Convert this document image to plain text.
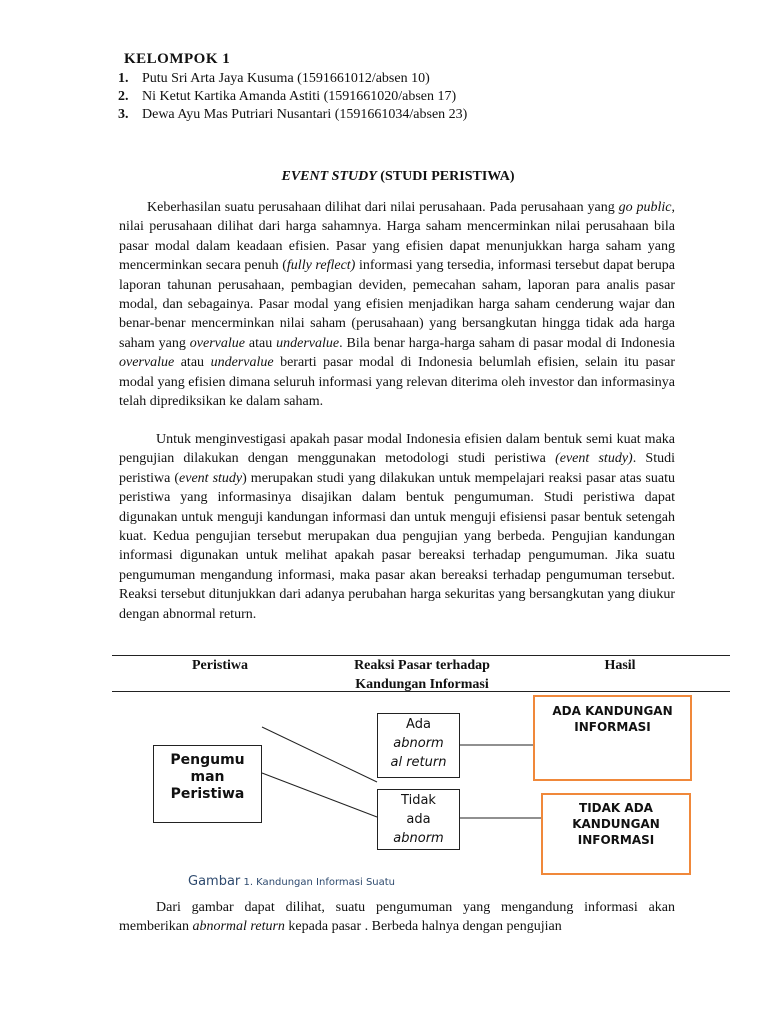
KELOMPOK 1
1. Putu Sri Arta Jaya Kusuma (1591661012/absen 10)
2. Ni Ketut Kartika Amanda Astiti (1591661020/absen 17)
3. Dewa Ayu Mas Putriari Nusantari (1591661034/absen 23)
EVENT STUDY (STUDI PERISTIWA)

Keberhasilan suatu perusahaan dilihat dari nilai perusahaan. Pada perusahaan yang go public, nilai perusahaan dilihat dari harga sahamnya. Harga saham mencerminkan nilai perusahaan bila pasar modal dalam keadaan efisien. Pasar yang efisien dapat menunjukkan harga saham yang mencerminkan secara penuh (fully reflect) informasi yang tersedia, informasi tersebut dapat berupa laporan tahunan perusahaan, pembagian deviden, pemecahan saham, laporan para analis pasar modal, dan sebagainya. Pasar modal yang efisien menjadikan harga saham cenderung wajar dan benar-benar mencerminkan nilai saham (perusahaan) yang bersangkutan hingga tidak ada harga saham yang overvalue atau undervalue. Bila benar harga-harga saham di pasar modal di Indonesia overvalue atau undervalue berarti pasar modal di Indonesia belumlah efisien, selain itu pasar modal yang efisien dimana seluruh informasi yang relevan diterima oleh investor dan informasinya telah diprediksikan ke dalam saham.

Untuk menginvestigasi apakah pasar modal Indonesia efisien dalam bentuk semi kuat maka pengujian dilakukan dengan menggunakan metodologi studi peristiwa (event study). Studi peristiwa (event study) merupakan studi yang dilakukan untuk mempelajari reaksi pasar atas suatu peristiwa yang informasinya disajikan dalam bentuk pengumuman. Studi peristiwa dapat digunakan untuk menguji kandungan informasi dan untuk menguji efisiensi pasar bentuk setengah kuat. Kedua pengujian tersebut merupakan dua pengujian yang berbeda. Pengujian kandungan informasi digunakan untuk melihat apakah pasar bereaksi terhadap pengumuman. Jika suatu pengumuman mengandung informasi, maka pasar akan bereaksi terhadap pengumuman tersebut. Reaksi tersebut ditunjukkan dari adanya perubahan harga sekuritas yang bersangkutan yang diukur dengan abnormal return.

Peristiwa	Reaksi Pasar terhadap
Kandungan Informasi
Hasil
Pengumu
man
Peristiwa
Ada
abnorm
al return
Tidak
ada
abnorm
ADA KANDUNGAN
INFORMASI
TIDAK ADA
KANDUNGAN
INFORMASI
Gambar 1. Kandungan Informasi Suatu

Dari gambar dapat dilihat, suatu pengumuman yang mengandung informasi akan memberikan abnormal return kepada pasar . Berbeda halnya dengan pengujian
